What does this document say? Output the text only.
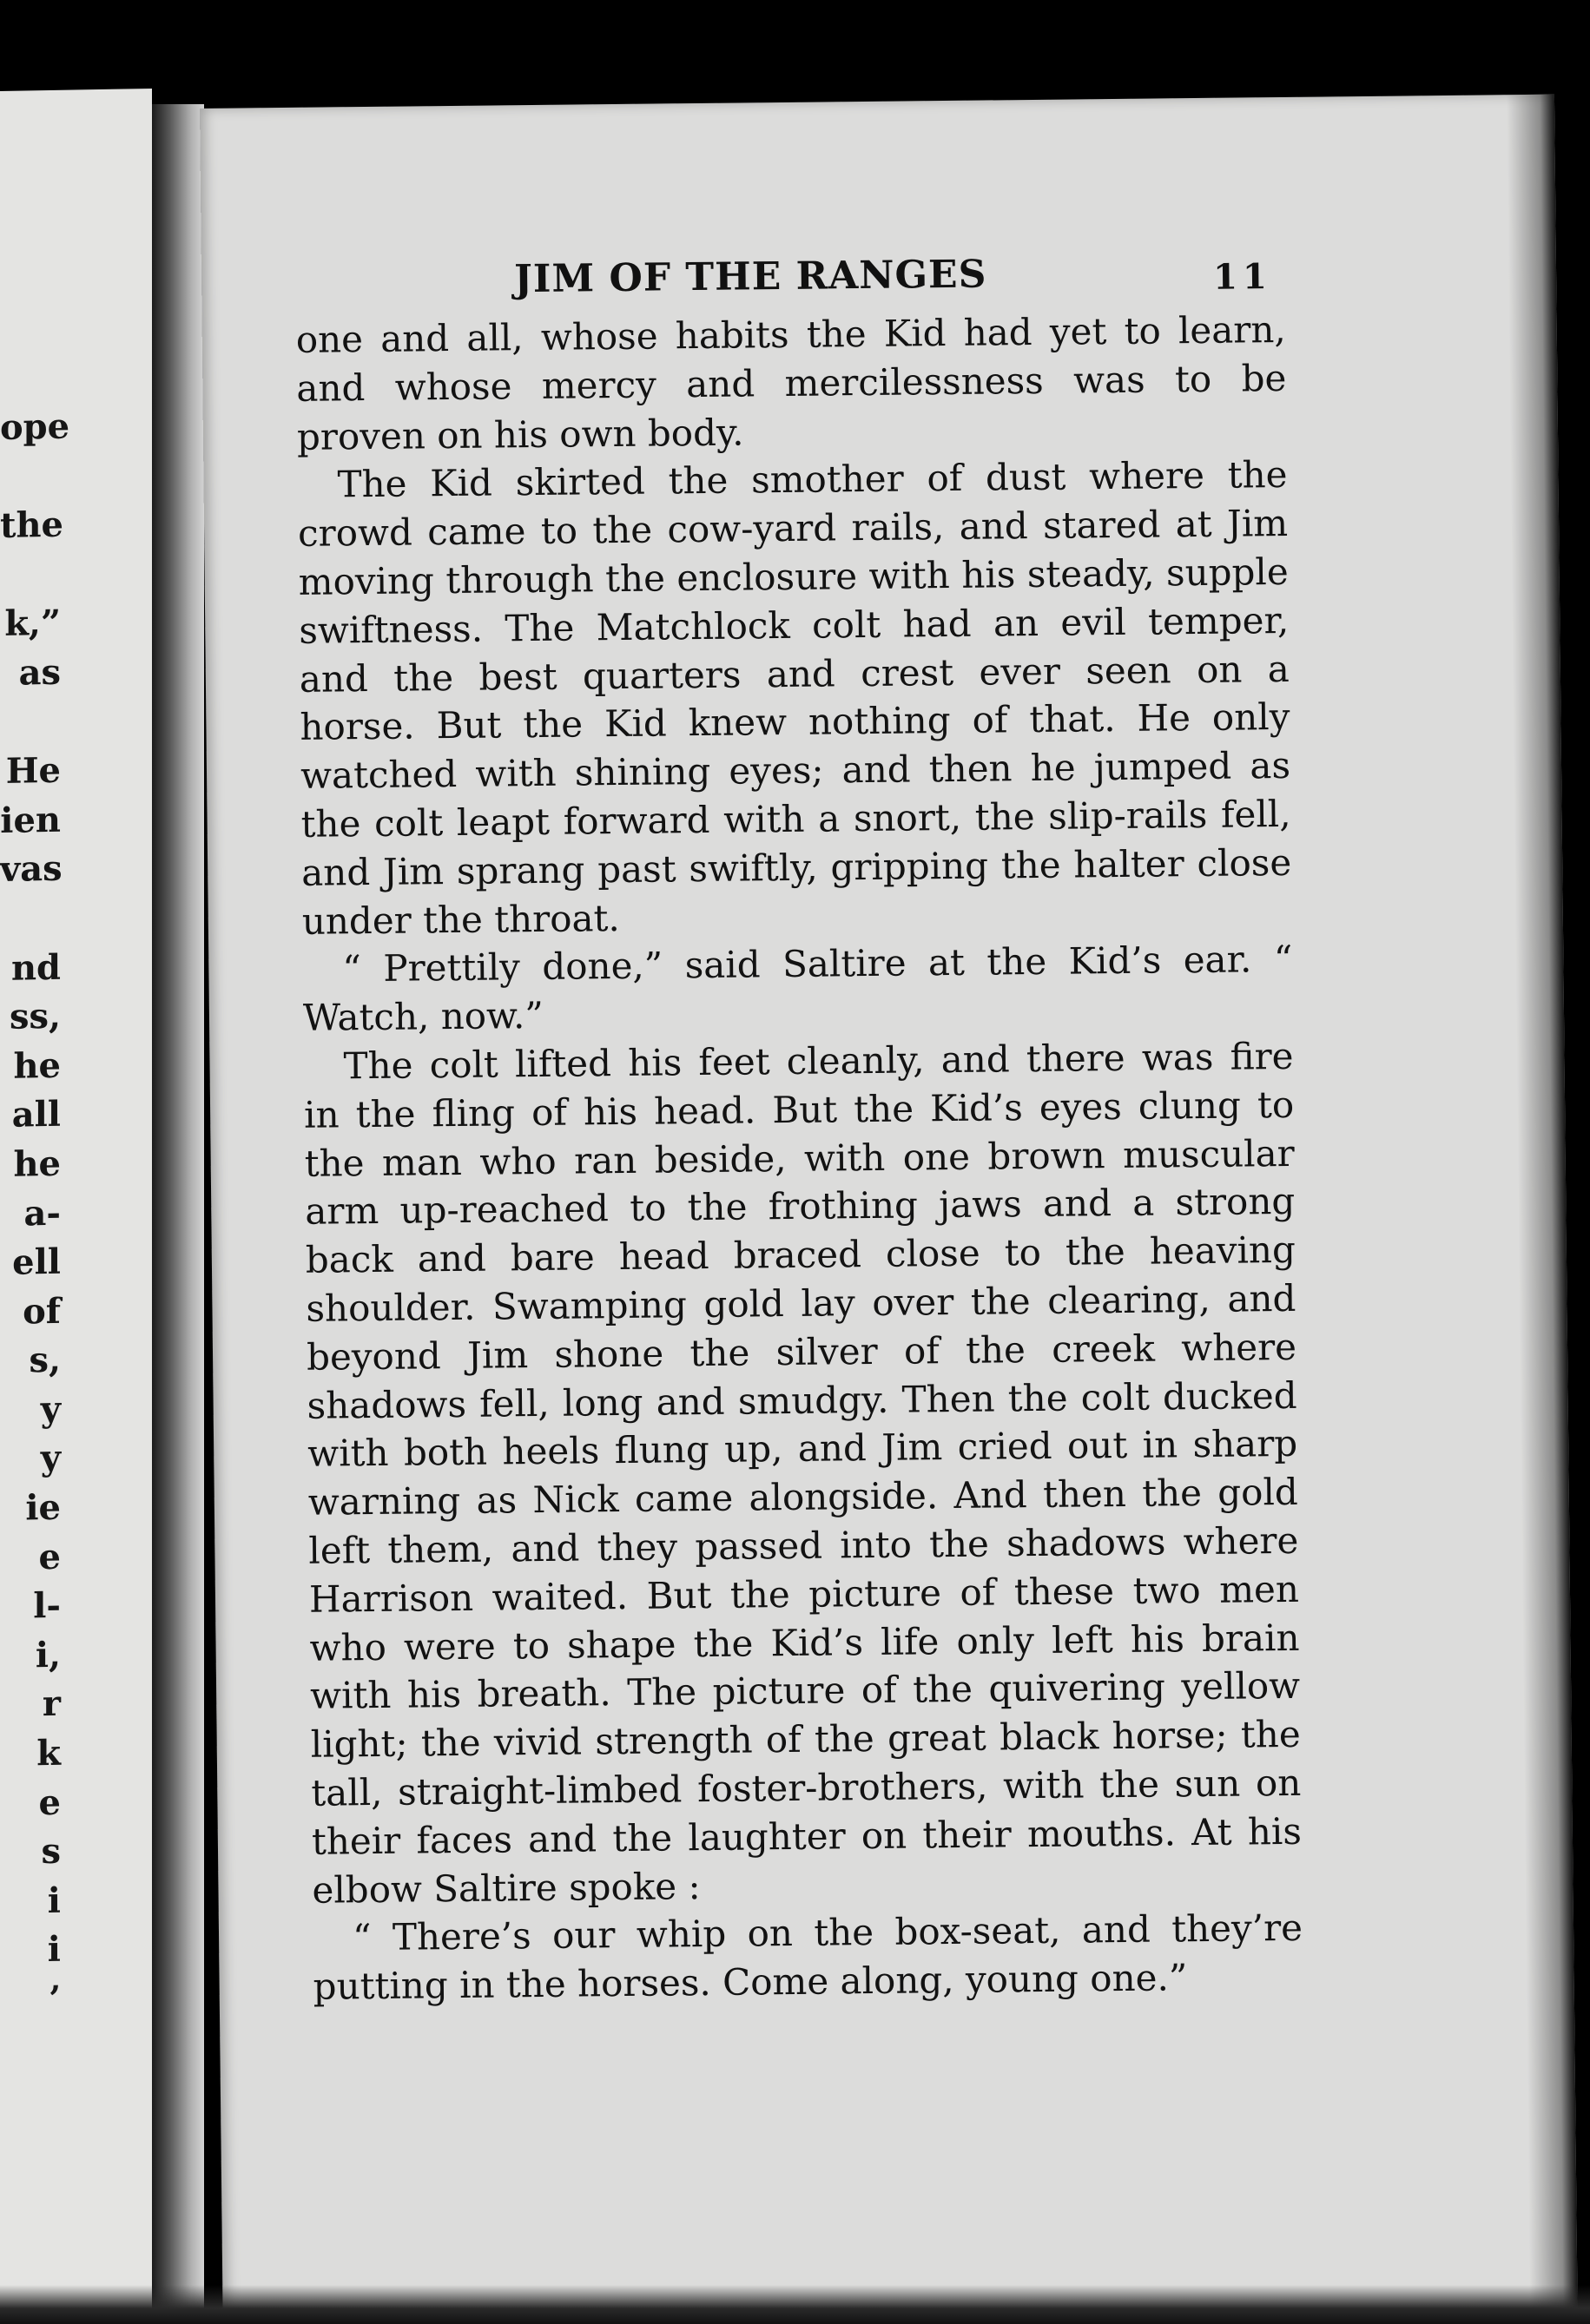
ope
the
k,”
as
He
ien
vas
nd
ss,
he
all
he
a-
ell
of
s,
y
y
ie
e
l-
i,
r
k
e
s
i
i
’
JIM OF THE RANGES	11

one and all, whose habits the Kid had yet to learn, and whose mercy and mercilessness was to be proven on his own body.

The Kid skirted the smother of dust where the crowd came to the cow-yard rails, and stared at Jim moving through the enclosure with his steady, supple swiftness. The Matchlock colt had an evil temper, and the best quarters and crest ever seen on a horse. But the Kid knew nothing of that. He only watched with shining eyes; and then he jumped as the colt leapt forward with a snort, the slip-rails fell, and Jim sprang past swiftly, gripping the halter close under the throat.

“ Prettily done,” said Saltire at the Kid’s ear. “ Watch, now.”

The colt lifted his feet cleanly, and there was fire in the fling of his head. But the Kid’s eyes clung to the man who ran beside, with one brown muscular arm up-reached to the frothing jaws and a strong back and bare head braced close to the heaving shoulder. Swamping gold lay over the clearing, and beyond Jim shone the silver of the creek where shadows fell, long and smudgy. Then the colt ducked with both heels flung up, and Jim cried out in sharp warning as Nick came alongside. And then the gold left them, and they passed into the shadows where Harrison waited. But the picture of these two men who were to shape the Kid’s life only left his brain with his breath. The picture of the quivering yellow light; the vivid strength of the great black horse; the tall, straight-limbed foster-brothers, with the sun on their faces and the laughter on their mouths. At his elbow Saltire spoke :

“ There’s our whip on the box-seat, and they’re putting in the horses. Come along, young one.”
